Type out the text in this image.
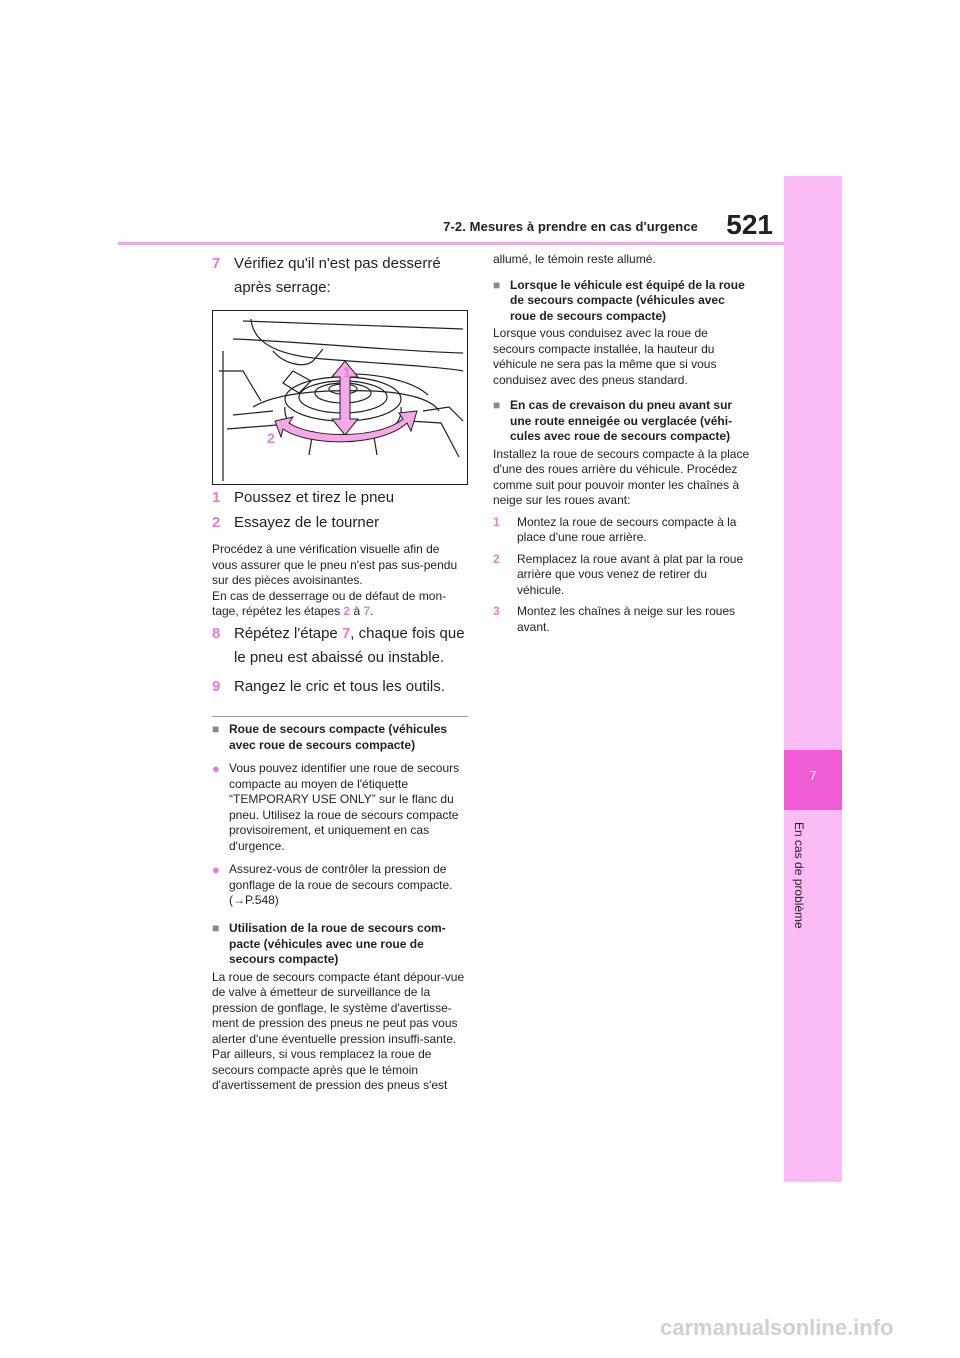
7-2. Mesures à prendre en cas d'urgence 521
7
En cas de problème
7 Vérifiez qu'il n'est pas desserré après serrage:
1
2
1 Poussez et tirez le pneu
2 Essayez de le tourner
Procédez à une vérification visuelle afin de vous assurer que le pneu n'est pas sus-pendu sur des pièces avoisinantes.
En cas de desserrage ou de défaut de mon-tage, répétez les étapes 2 à 7.
8 Répétez l'étape 7, chaque fois que le pneu est abaissé ou instable.
9 Rangez le cric et tous les outils.
■ Roue de secours compacte (véhicules avec roue de secours compacte)
● Vous pouvez identifier une roue de secours compacte au moyen de l'étiquette “TEMPORARY USE ONLY” sur le flanc du pneu. Utilisez la roue de secours compacte provisoirement, et uniquement en cas d'urgence.
● Assurez-vous de contrôler la pression de gonflage de la roue de secours compacte. (→P.548)
■ Utilisation de la roue de secours com-pacte (véhicules avec une roue de secours compacte)
La roue de secours compacte étant dépour-vue de valve à émetteur de surveillance de la pression de gonflage, le système d'avertisse-ment de pression des pneus ne peut pas vous alerter d'une éventuelle pression insuffi-sante. Par ailleurs, si vous remplacez la roue de secours compacte après que le témoin d'avertissement de pression des pneus s'est
allumé, le témoin reste allumé.
■ Lorsque le véhicule est équipé de la roue de secours compacte (véhicules avec roue de secours compacte)
Lorsque vous conduisez avec la roue de secours compacte installée, la hauteur du véhicule ne sera pas la même que si vous conduisez avec des pneus standard.
■ En cas de crevaison du pneu avant sur une route enneigée ou verglacée (véhi-cules avec roue de secours compacte)
Installez la roue de secours compacte à la place d'une des roues arrière du véhicule. Procédez comme suit pour pouvoir monter les chaînes à neige sur les roues avant:
1 Montez la roue de secours compacte à la place d'une roue arrière.
2 Remplacez la roue avant à plat par la roue arrière que vous venez de retirer du véhicule.
3 Montez les chaînes à neige sur les roues avant.
carmanualsonline.info
